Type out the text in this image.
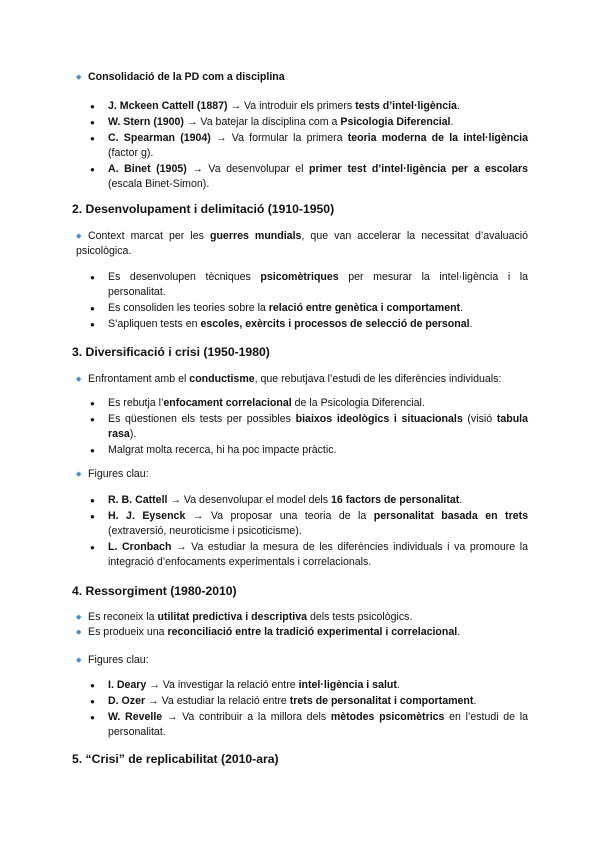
◆ Consolidació de la PD com a disciplina
● J. Mckeen Cattell (1887) → Va introduir els primers tests d’intel·ligència.
● W. Stern (1900) → Va batejar la disciplina com a Psicologia Diferencial.
● C. Spearman (1904) → Va formular la primera teoria moderna de la intel·ligència (factor g).
● A. Binet (1905) → Va desenvolupar el primer test d’intel·ligència per a escolars (escala Binet-Simon).
2. Desenvolupament i delimitació (1910-1950)
◆ Context marcat per les guerres mundials, que van accelerar la necessitat d’avaluació psicològica.
● Es desenvolupen tècniques psicomètriques per mesurar la intel·ligència i la personalitat.
● Es consoliden les teories sobre la relació entre genètica i comportament.
● S’apliquen tests en escoles, exèrcits i processos de selecció de personal.
3. Diversificació i crisi (1950-1980)
◆ Enfrontament amb el conductisme, que rebutjava l’estudi de les diferències individuals:
● Es rebutja l’enfocament correlacional de la Psicologia Diferencial.
● Es qüestionen els tests per possibles biaixos ideològics i situacionals (visió tabula rasa).
● Malgrat molta recerca, hi ha poc impacte pràctic.
◆ Figures clau:
● R. B. Cattell → Va desenvolupar el model dels 16 factors de personalitat.
● H. J. Eysenck → Va proposar una teoria de la personalitat basada en trets (extraversió, neuroticisme i psicoticisme).
● L. Cronbach → Va estudiar la mesura de les diferències individuals i va promoure la integració d’enfocaments experimentals i correlacionals.
4. Ressorgiment (1980-2010)
◆ Es reconeix la utilitat predictiva i descriptiva dels tests psicològics.
◆ Es produeix una reconciliació entre la tradició experimental i correlacional.
◆ Figures clau:
● I. Deary → Va investigar la relació entre intel·ligència i salut.
● D. Ozer → Va estudiar la relació entre trets de personalitat i comportament.
● W. Revelle → Va contribuir a la millora dels mètodes psicomètrics en l’estudi de la personalitat.
5. “Crisi” de replicabilitat (2010-ara)
